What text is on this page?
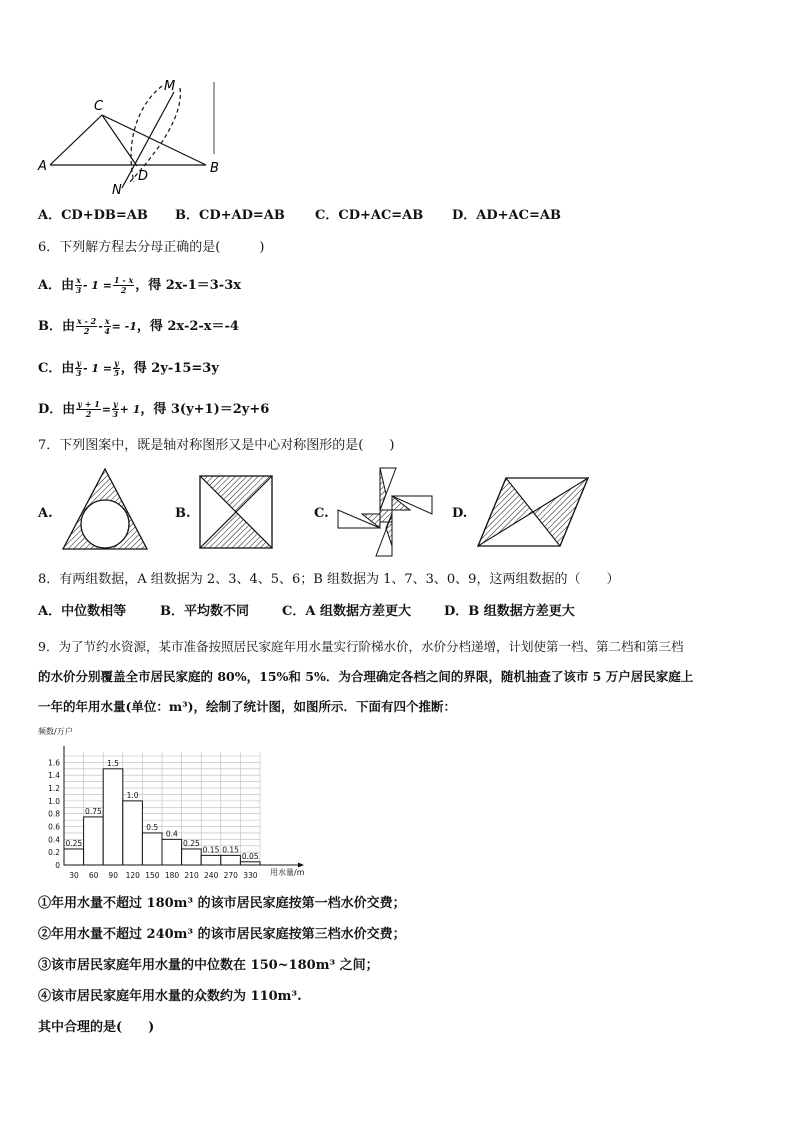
A
C
B
D
M
N
A．CD+DB=AB B．CD+AD=AB C．CD+AC=AB D．AD+AC=AB
6．下列解方程去分母正确的是(　　　)
A．由 $\frac{x}{3} - 1 = \frac{1 - x}{2}$ ，得 2x-1＝3-3x
B．由 $\frac{x - 2}{2} - \frac{x}{4} = -1$，得 2x-2-x＝-4
C．由 $\frac{y}{3} - 1 = \frac{y}{5}$ ，得 2y-15=3y
D．由 $\frac{y + 1}{2} = \frac{y}{3} + 1$，得 3(y+1)＝2y+6
7．下列图案中，既是轴对称图形又是中心对称图形的是(　　)
A.	B.	C.	D.
8．有两组数据，A 组数据为 2、3、4、5、6；B 组数据为 1、7、3、0、9，这两组数据的（　　）
A．中位数相等	B．平均数不同	C．A 组数据方差更大	D．B 组数据方差更大
9．为了节约水资源，某市准备按照居民家庭年用水量实行阶梯水价，水价分档递增，计划使第一档、第二档和第三档
的水价分别覆盖全市居民家庭的 80%，15%和 5%．为合理确定各档之间的界限，随机抽查了该市 5 万户居民家庭上
一年的年用水量(单位：m³)，绘制了统计图，如图所示．下面有四个推断：
0
0.2
0.4
0.6
0.8
1.0
1.2
1.4
1.6
频数/万户
0.25
0.75
1.5
1.0
0.5
0.4
0.25
0.15 0.15
0.05
30 60 90 120 150 180 210 240 270 330 用水量/m
①年用水量不超过 180m³ 的该市居民家庭按第一档水价交费；
②年用水量不超过 240m³ 的该市居民家庭按第三档水价交费；
③该市居民家庭年用水量的中位数在 150~180m³ 之间；
④该市居民家庭年用水量的众数约为 110m³.
其中合理的是(　　)
